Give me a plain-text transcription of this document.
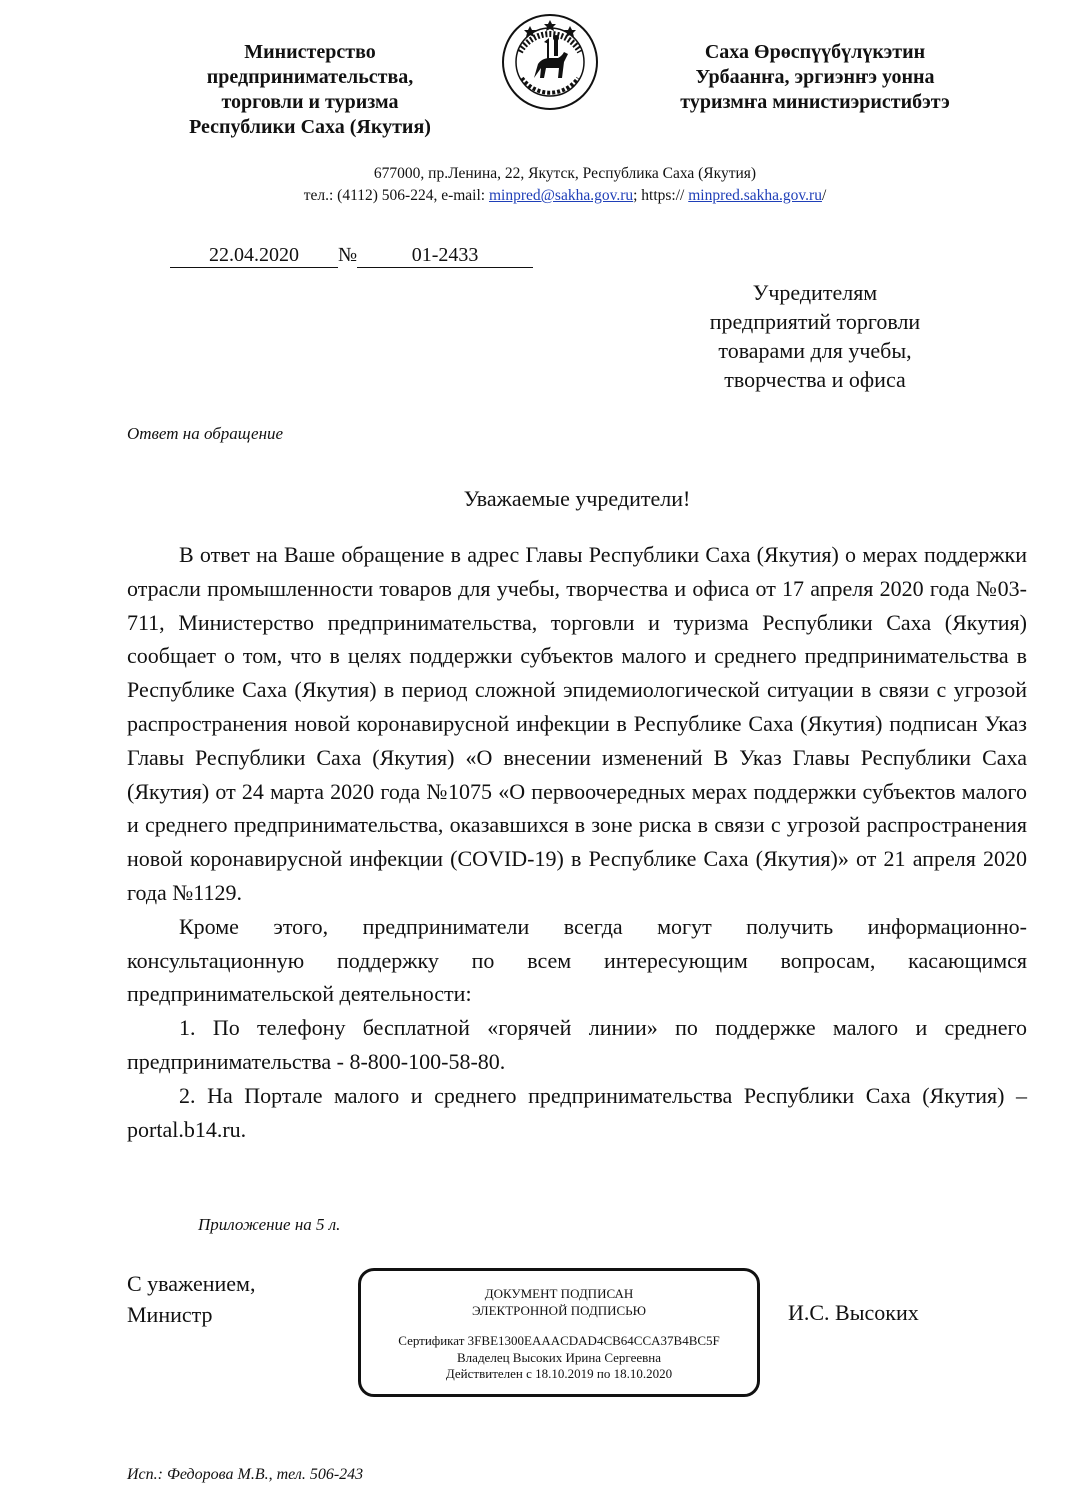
Министерство
предпринимательства,
торговли и туризма
Республики Саха (Якутия)
Саха Өрөспүүбүлүкэтин
Урбаанҥа, эргиэнҥэ уонна
туризмҥа министиэристибэтэ
677000, пр.Ленина, 22, Якутск, Республика Саха (Якутия)
тел.: (4112) 506-224, e-mail: minpred@sakha.gov.ru; https:// minpred.sakha.gov.ru/
22.04.2020 №	01-2433
Учредителям
предприятий торговли
товарами для учебы,
творчества и офиса
Ответ на обращение
Уважаемые учредители!

В ответ на Ваше обращение в адрес Главы Республики Саха (Якутия) о мерах поддержки отрасли промышленности товаров для учебы, творчества и офиса от 17 апреля 2020 года №03-711, Министерство предпринимательства, торговли и туризма Республики Саха (Якутия) сообщает о том, что в целях поддержки субъектов малого и среднего предпринимательства в Республике Саха (Якутия) в период сложной эпидемиологической ситуации в связи с угрозой распространения новой коронавирусной инфекции в Республике Саха (Якутия) подписан Указ Главы Республики Саха (Якутия) «О внесении изменений В Указ Главы Республики Саха (Якутия) от 24 марта 2020 года №1075 «О первоочередных мерах поддержки субъектов малого и среднего предпринимательства, оказавшихся в зоне риска в связи с угрозой распространения новой коронавирусной инфекции (COVID-19) в Республике Саха (Якутия)» от 21 апреля 2020 года №1129.

Кроме этого, предприниматели всегда могут получить информационно-консультационную поддержку по всем интересующим вопросам, касающимся предпринимательской деятельности:

1. По телефону бесплатной «горячей линии» по поддержке малого и среднего предпринимательства - 8-800-100-58-80.

2. На Портале малого и среднего предпринимательства Республики Саха (Якутия) – portal.b14.ru.

Приложение на 5 л.
С уважением,
Министр
ДОКУМЕНТ ПОДПИСАН
ЭЛЕКТРОННОЙ ПОДПИСЬЮ
Сертификат 3FBE1300EAAACDAD4CB64CCA37B4BC5F
Владелец Высоких Ирина Сергеевна
Действителен с 18.10.2019 по 18.10.2020
И.С. Высоких
Исп.: Федорова М.В., тел. 506-243
